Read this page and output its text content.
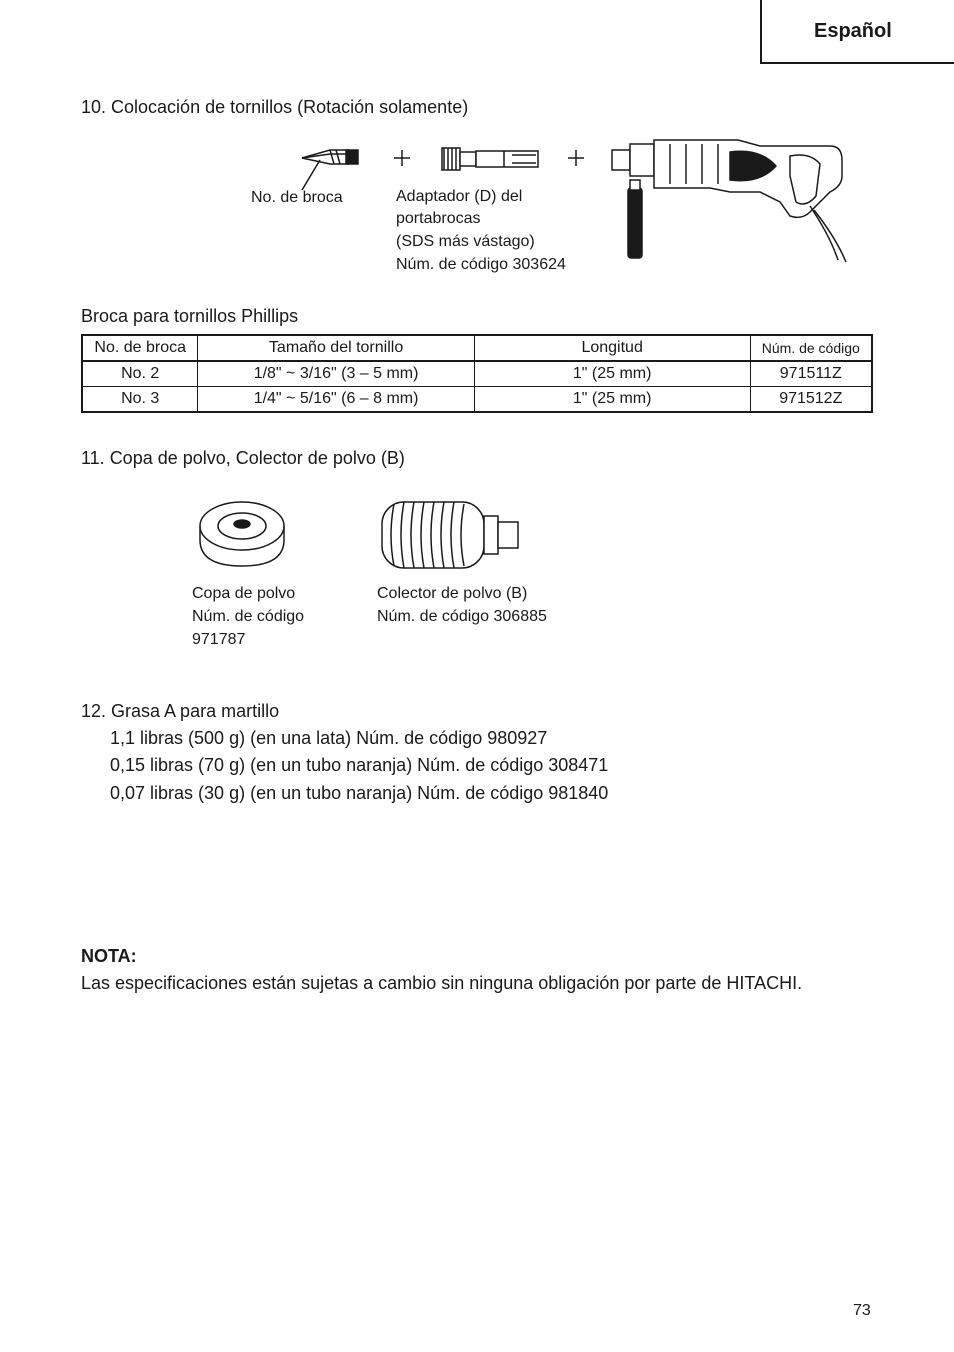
Español
10. Colocación de tornillos (Rotación solamente)
No. de broca	Adaptador (D) del
portabrocas
(SDS más vástago)
Núm. de código 303624
Broca para tornillos Phillips
No. de broca	Tamaño del tornillo	Longitud	Núm. de código
No. 2	1/8" ~ 3/16" (3 – 5 mm)	1" (25 mm)	971511Z
No. 3	1/4" ~ 5/16" (6 – 8 mm)	1" (25 mm)	971512Z
11. Copa de polvo, Colector de polvo (B)
Copa de polvo
Núm. de código
971787
Colector de polvo (B)
Núm. de código 306885
12. Grasa A para martillo
1,1 libras (500 g) (en una lata) Núm. de código 980927
0,15 libras (70 g) (en un tubo naranja) Núm. de código 308471
0,07 libras (30 g) (en un tubo naranja) Núm. de código 981840
NOTA:
Las especificaciones están sujetas a cambio sin ninguna obligación por parte de HITACHI.
73
